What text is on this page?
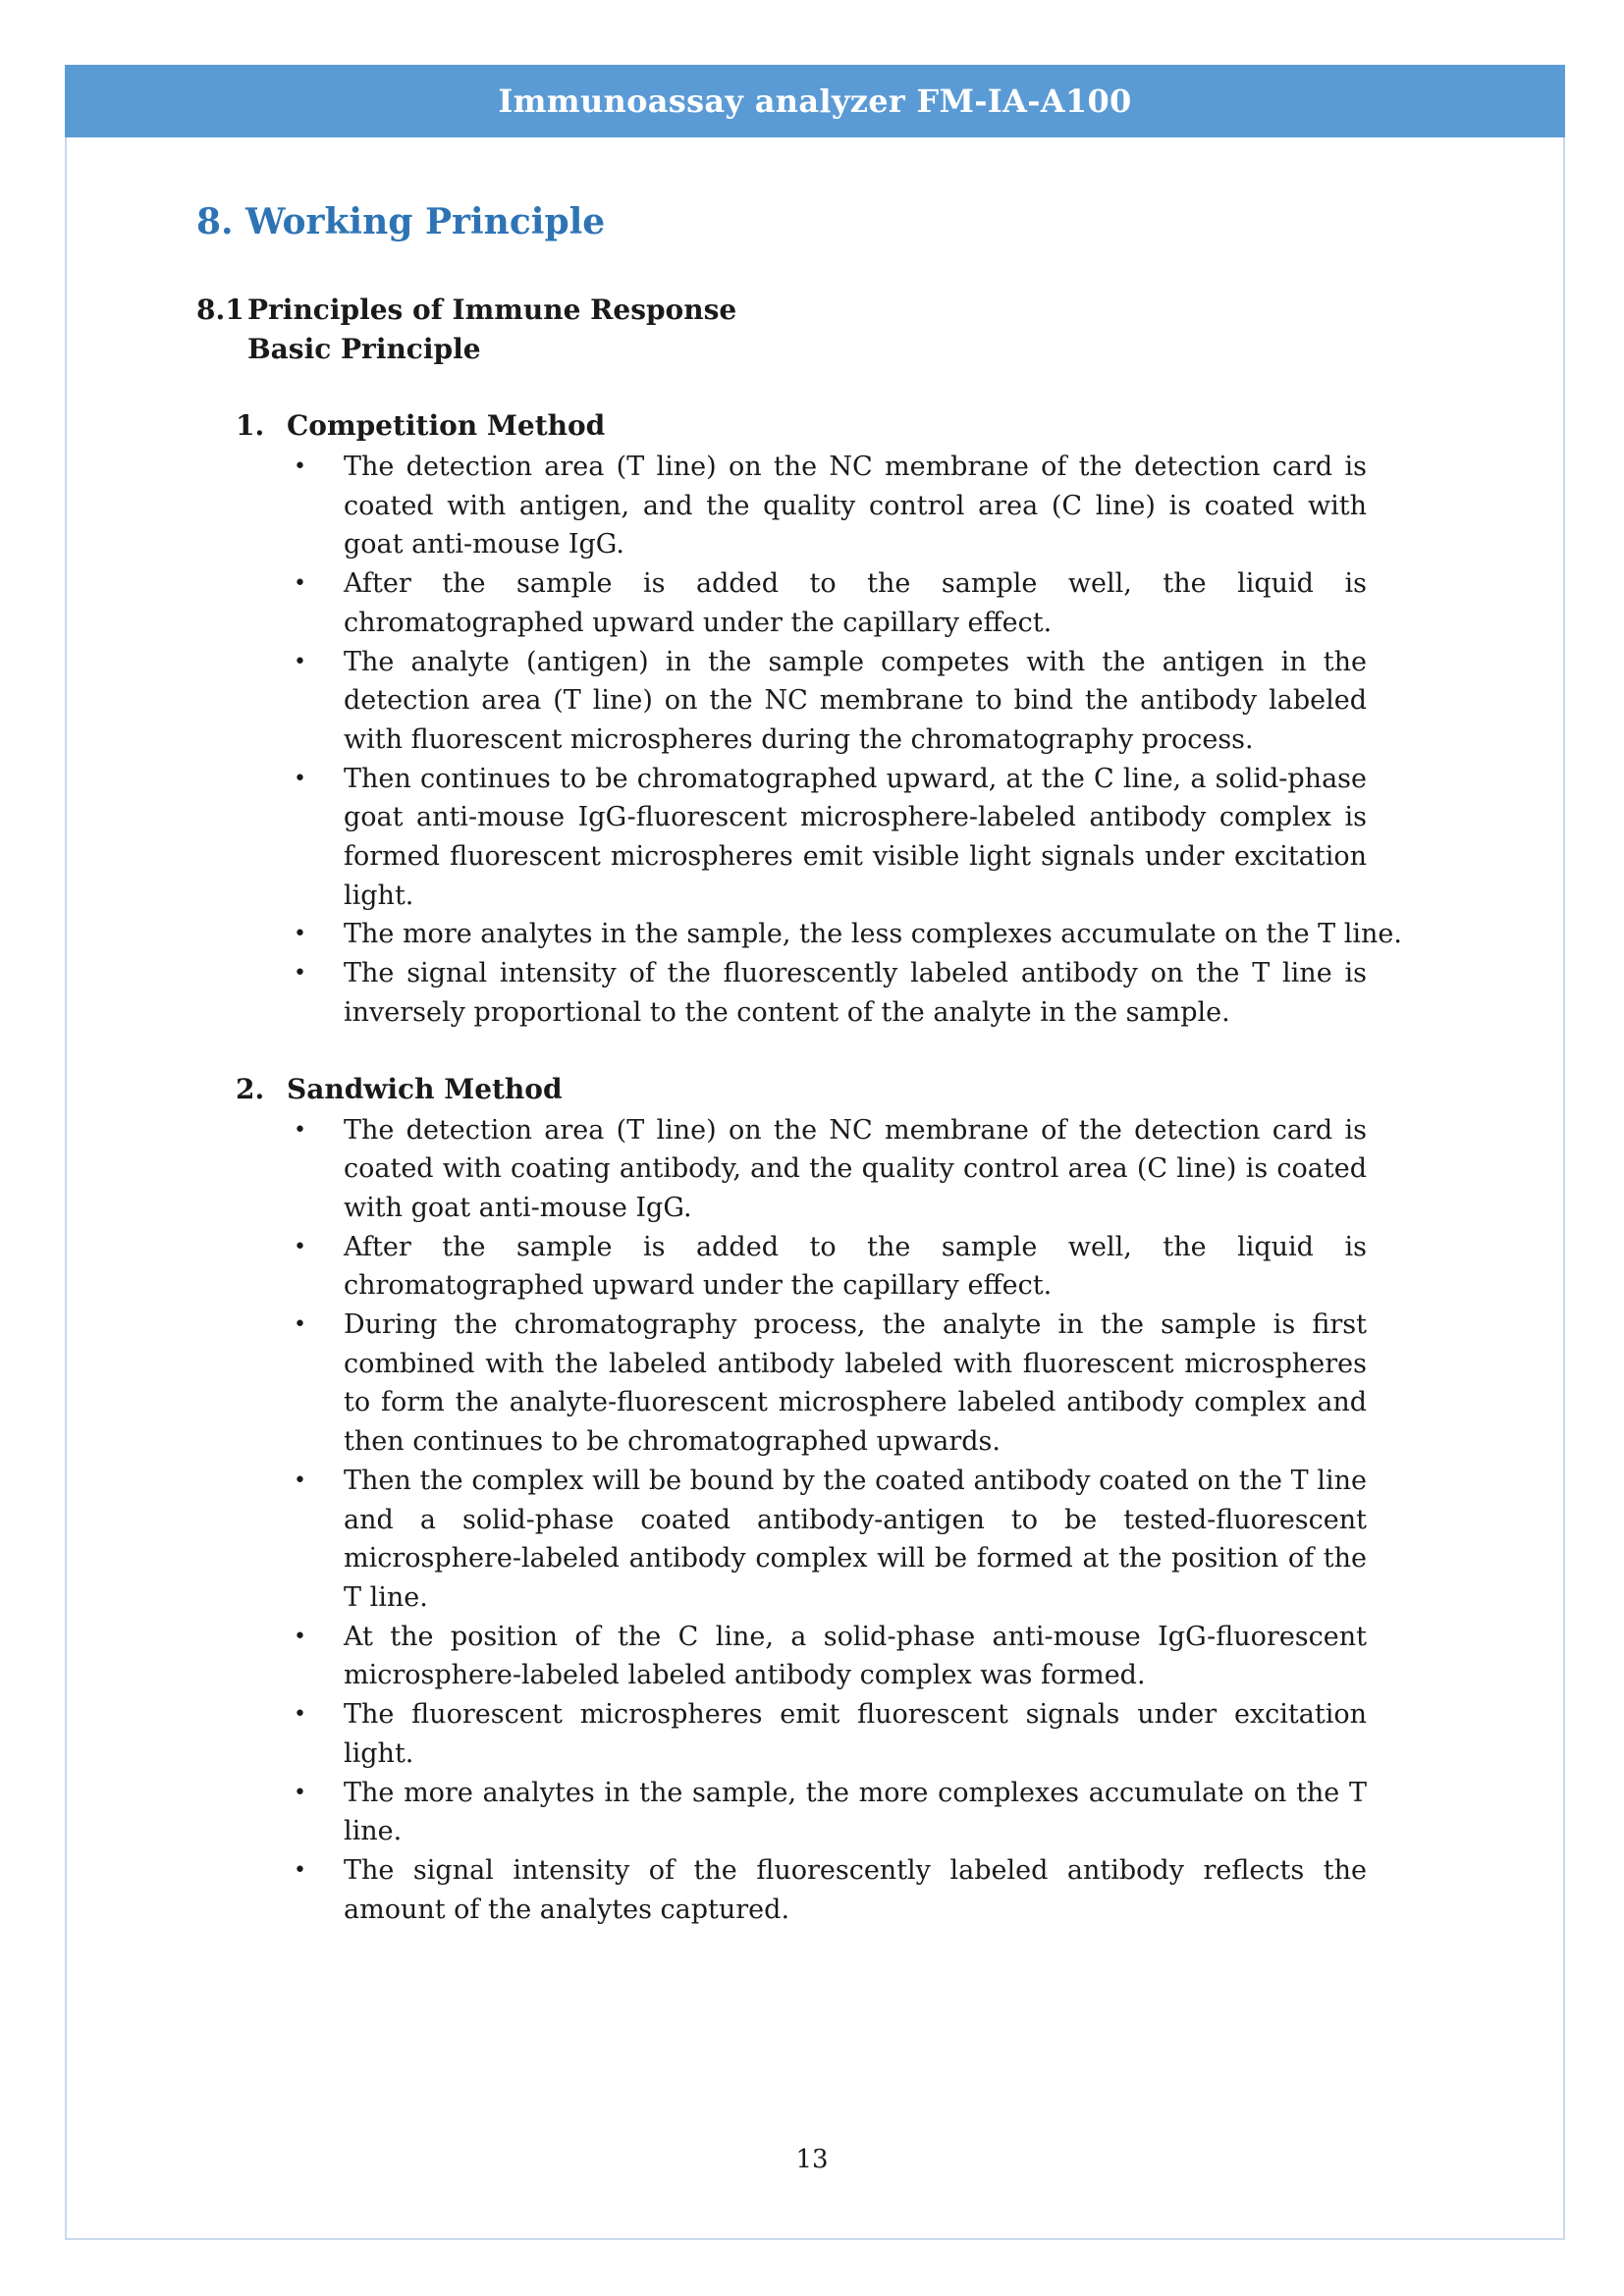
Immunoassay analyzer FM-IA-A100
8. Working Principle
8.1 Principles of Immune Response
Basic Principle
1. Competition Method
• The detection area (T line) on the NC membrane of the detection card is coated with antigen, and the quality control area (C line) is coated with goat anti-mouse IgG.
• After the sample is added to the sample well, the liquid is chromatographed upward under the capillary effect.
• The analyte (antigen) in the sample competes with the antigen in the detection area (T line) on the NC membrane to bind the antibody labeled with fluorescent microspheres during the chromatography process.
• Then continues to be chromatographed upward, at the C line, a solid-phase goat anti-mouse IgG-fluorescent microsphere-labeled antibody complex is formed fluorescent microspheres emit visible light signals under excitation light.
• The more analytes in the sample, the less complexes accumulate on the T line.
• The signal intensity of the fluorescently labeled antibody on the T line is inversely proportional to the content of the analyte in the sample.
2. Sandwich Method
• The detection area (T line) on the NC membrane of the detection card is coated with coating antibody, and the quality control area (C line) is coated with goat anti-mouse IgG.
• After the sample is added to the sample well, the liquid is chromatographed upward under the capillary effect.
• During the chromatography process, the analyte in the sample is first combined with the labeled antibody labeled with fluorescent microspheres to form the analyte-fluorescent microsphere labeled antibody complex and then continues to be chromatographed upwards.
• Then the complex will be bound by the coated antibody coated on the T line and a solid-phase coated antibody-antigen to be tested-fluorescent microsphere-labeled antibody complex will be formed at the position of the T line.
• At the position of the C line, a solid-phase anti-mouse IgG-fluorescent microsphere-labeled labeled antibody complex was formed.
• The fluorescent microspheres emit fluorescent signals under excitation light.
• The more analytes in the sample, the more complexes accumulate on the T line.
• The signal intensity of the fluorescently labeled antibody reflects the amount of the analytes captured.
13
